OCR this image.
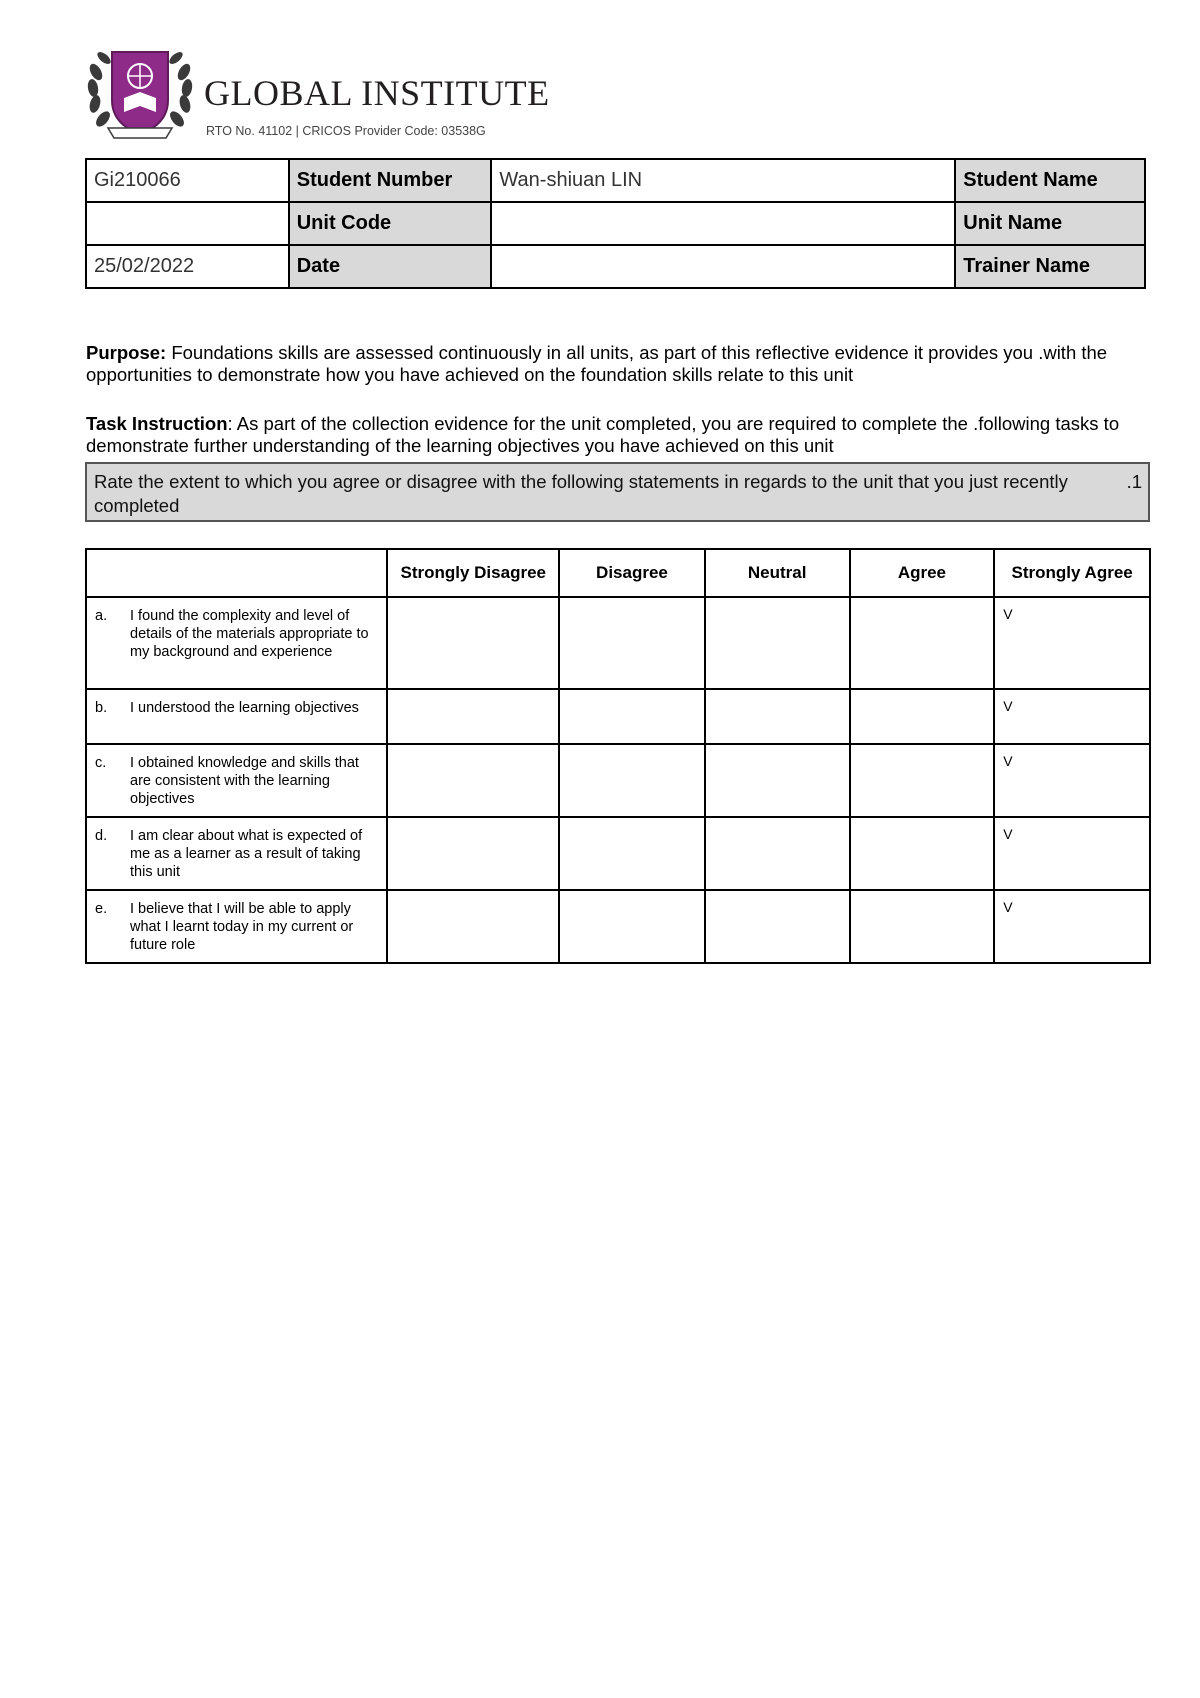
GLOBAL INSTITUTE
RTO No. 41102 | CRICOS Provider Code: 03538G
Gi210066	Student Number	Wan-shiuan LIN	Student Name
	Unit Code		Unit Name
25/02/2022	Date		Trainer Name
Purpose: Foundations skills are assessed continuously in all units, as part of this reflective evidence it provides you .with the opportunities to demonstrate how you have achieved on the foundation skills relate to this unit
Task Instruction: As part of the collection evidence for the unit completed, you are required to complete the .following tasks to demonstrate further understanding of the learning objectives you have achieved on this unit
Rate the extent to which you agree or disagree with the following statements in regards to the unit that you just recently completed
.1
	Strongly Disagree	Disagree	Neutral	Agree	Strongly Agree

a. I found the complexity and level of details of the materials appropriate to my background and experience					V

b. I understood the learning objectives					V

c. I obtained knowledge and skills that are consistent with the learning objectives					V

d. I am clear about what is expected of me as a learner as a result of taking this unit					V

e. I believe that I will be able to apply what I learnt today in my current or future role					V
